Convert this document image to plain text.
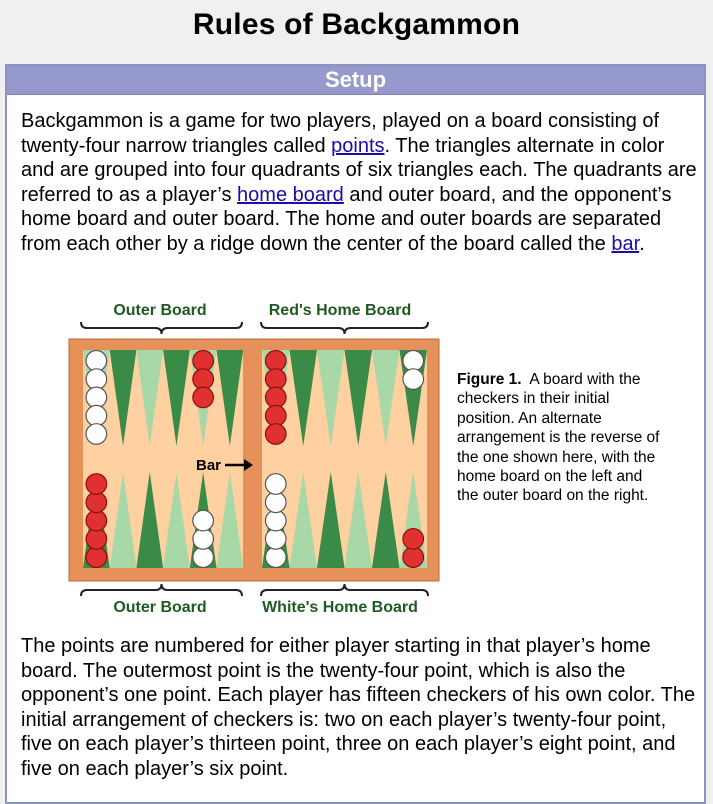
Rules of Backgammon
Setup

Backgammon is a game for two players, played on a board consisting of twenty-four narrow triangles called points. The triangles alternate in color and are grouped into four quadrants of six triangles each. The quadrants are referred to as a player’s home board and outer board, and the opponent’s home board and outer board. The home and outer boards are separated from each other by a ridge down the center of the board called the bar.

Outer Board	Red's Home Board
Outer Board	White's Home Board
Bar
Figure 1. A board with the checkers in their initial position. An alternate arrangement is the reverse of the one shown here, with the home board on the left and the outer board on the right.

The points are numbered for either player starting in that player’s home board. The outermost point is the twenty-four point, which is also the opponent’s one point. Each player has fifteen checkers of his own color. The initial arrangement of checkers is: two on each player’s twenty-four point, five on each player’s thirteen point, three on each player’s eight point, and five on each player’s six point.
